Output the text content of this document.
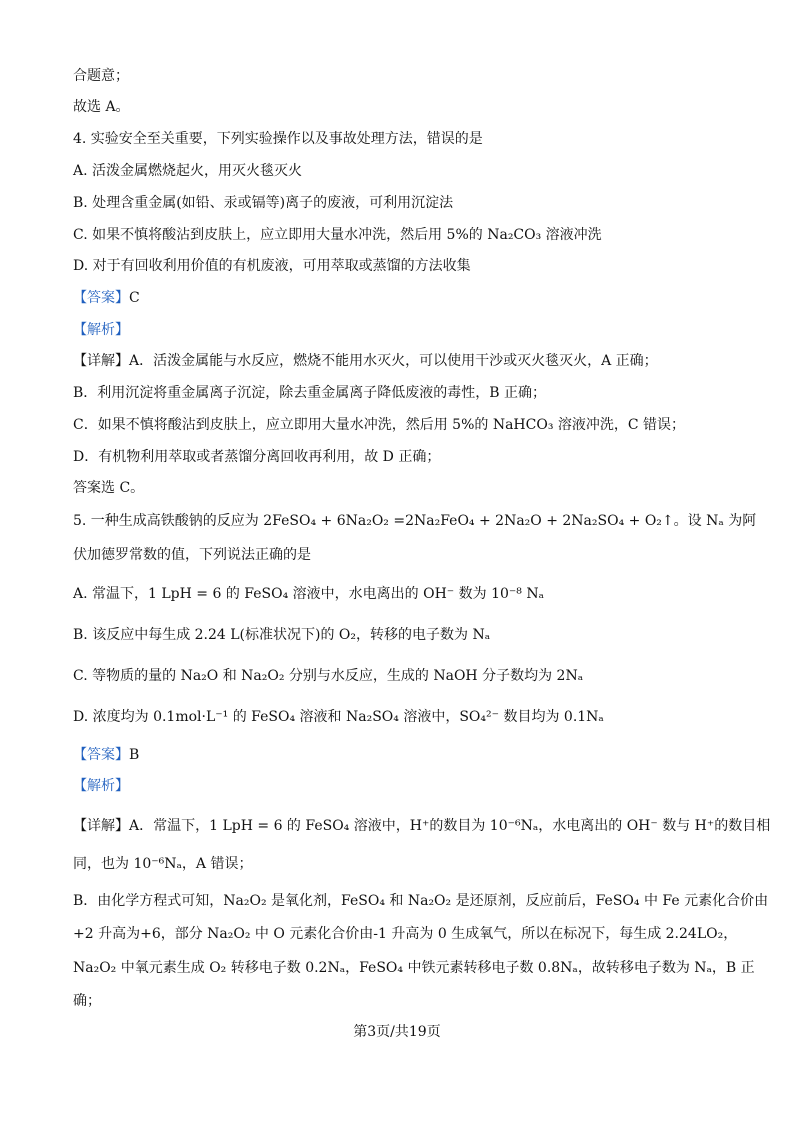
合题意；
故选 A。
4. 实验安全至关重要，下列实验操作以及事故处理方法，错误的是
A. 活泼金属燃烧起火，用灭火毯灭火
B. 处理含重金属(如铅、汞或镉等)离子的废液，可利用沉淀法
C. 如果不慎将酸沾到皮肤上，应立即用大量水冲洗，然后用 5%的 Na₂CO₃ 溶液冲洗
D. 对于有回收利用价值的有机废液，可用萃取或蒸馏的方法收集
【答案】C
【解析】
【详解】A．活泼金属能与水反应，燃烧不能用水灭火，可以使用干沙或灭火毯灭火，A 正确；
B．利用沉淀将重金属离子沉淀，除去重金属离子降低废液的毒性，B 正确；
C．如果不慎将酸沾到皮肤上，应立即用大量水冲洗，然后用 5%的 NaHCO₃ 溶液冲洗，C 错误；
D．有机物利用萃取或者蒸馏分离回收再利用，故 D 正确；
答案选 C。
5. 一种生成高铁酸钠的反应为 2FeSO₄ + 6Na₂O₂ =2Na₂FeO₄ + 2Na₂O + 2Na₂SO₄ + O₂↑。设 Nₐ 为阿
伏加德罗常数的值，下列说法正确的是
A. 常温下，1 LpH = 6 的 FeSO₄ 溶液中，水电离出的 OH⁻ 数为 10⁻⁸ Nₐ
B. 该反应中每生成 2.24 L(标准状况下)的 O₂，转移的电子数为 Nₐ
C. 等物质的量的 Na₂O 和 Na₂O₂ 分别与水反应，生成的 NaOH 分子数均为 2Nₐ
D. 浓度均为 0.1mol·L⁻¹ 的 FeSO₄ 溶液和 Na₂SO₄ 溶液中，SO₄²⁻ 数目均为 0.1Nₐ
【答案】B
【解析】
【详解】A．常温下，1 LpH = 6 的 FeSO₄ 溶液中，H⁺的数目为 10⁻⁶Nₐ，水电离出的 OH⁻ 数与 H⁺的数目相
同，也为 10⁻⁶Nₐ，A 错误；
B．由化学方程式可知，Na₂O₂ 是氧化剂，FeSO₄ 和 Na₂O₂ 是还原剂，反应前后，FeSO₄ 中 Fe 元素化合价由
+2 升高为+6，部分 Na₂O₂ 中 O 元素化合价由-1 升高为 0 生成氧气，所以在标况下，每生成 2.24LO₂，
Na₂O₂ 中氧元素生成 O₂ 转移电子数 0.2Nₐ，FeSO₄ 中铁元素转移电子数 0.8Nₐ，故转移电子数为 Nₐ，B 正
确；
第3页/共19页
